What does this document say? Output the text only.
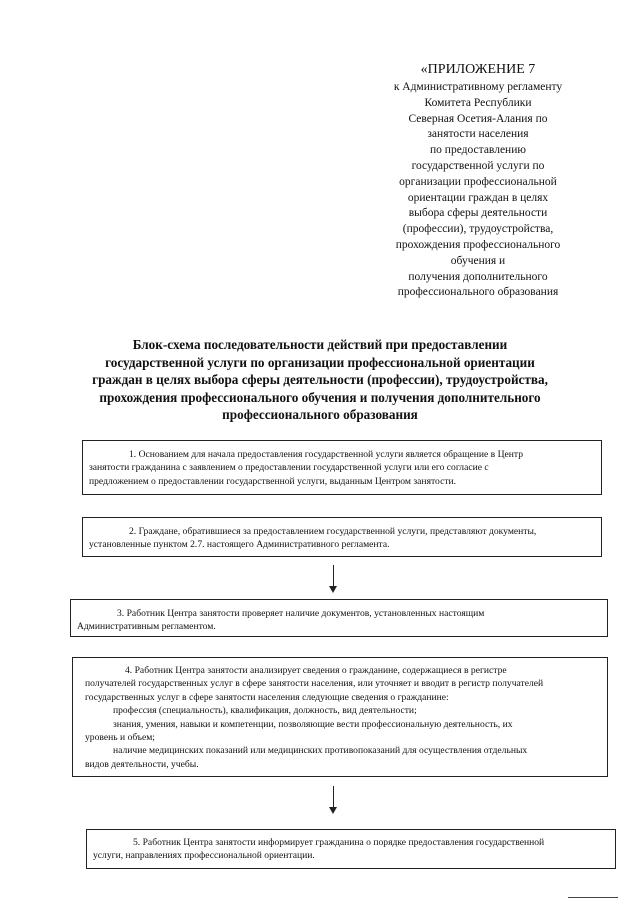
«ПРИЛОЖЕНИЕ 7
к Административному регламенту
Комитета Республики
Северная Осетия-Алания по
занятости населения
по предоставлению
государственной услуги по
организации профессиональной
ориентации граждан в целях
выбора сферы деятельности
(профессии), трудоустройства,
прохождения профессионального
обучения и
получения дополнительного
профессионального образования
Блок-схема последовательности действий при предоставлении
государственной услуги по организации профессиональной ориентации
граждан в целях выбора сферы деятельности (профессии), трудоустройства,
прохождения профессионального обучения и получения дополнительного
профессионального образования
1. Основанием для начала предоставления государственной услуги является обращение в Центр
занятости гражданина с заявлением о предоставлении государственной услуги или его согласие с
предложением о предоставлении государственной услуги, выданным Центром занятости.
2. Граждане, обратившиеся за предоставлением государственной услуги, представляют документы,
установленные пунктом 2.7. настоящего Административного регламента.
3. Работник Центра занятости проверяет наличие документов, установленных настоящим
Административным регламентом.
4. Работник Центра занятости анализирует сведения о гражданине, содержащиеся в регистре
получателей государственных услуг в сфере занятости населения, или уточняет и вводит в регистр получателей
государственных услуг в сфере занятости населения следующие сведения о гражданине:
профессия (специальность), квалификация, должность, вид деятельности;
знания, умения, навыки и компетенции, позволяющие вести профессиональную деятельность, их
уровень и объем;
наличие медицинских показаний или медицинских противопоказаний для осуществления отдельных
видов деятельности, учебы.
5. Работник Центра занятости информирует гражданина о порядке предоставления государственной
услуги, направлениях профессиональной ориентации.
